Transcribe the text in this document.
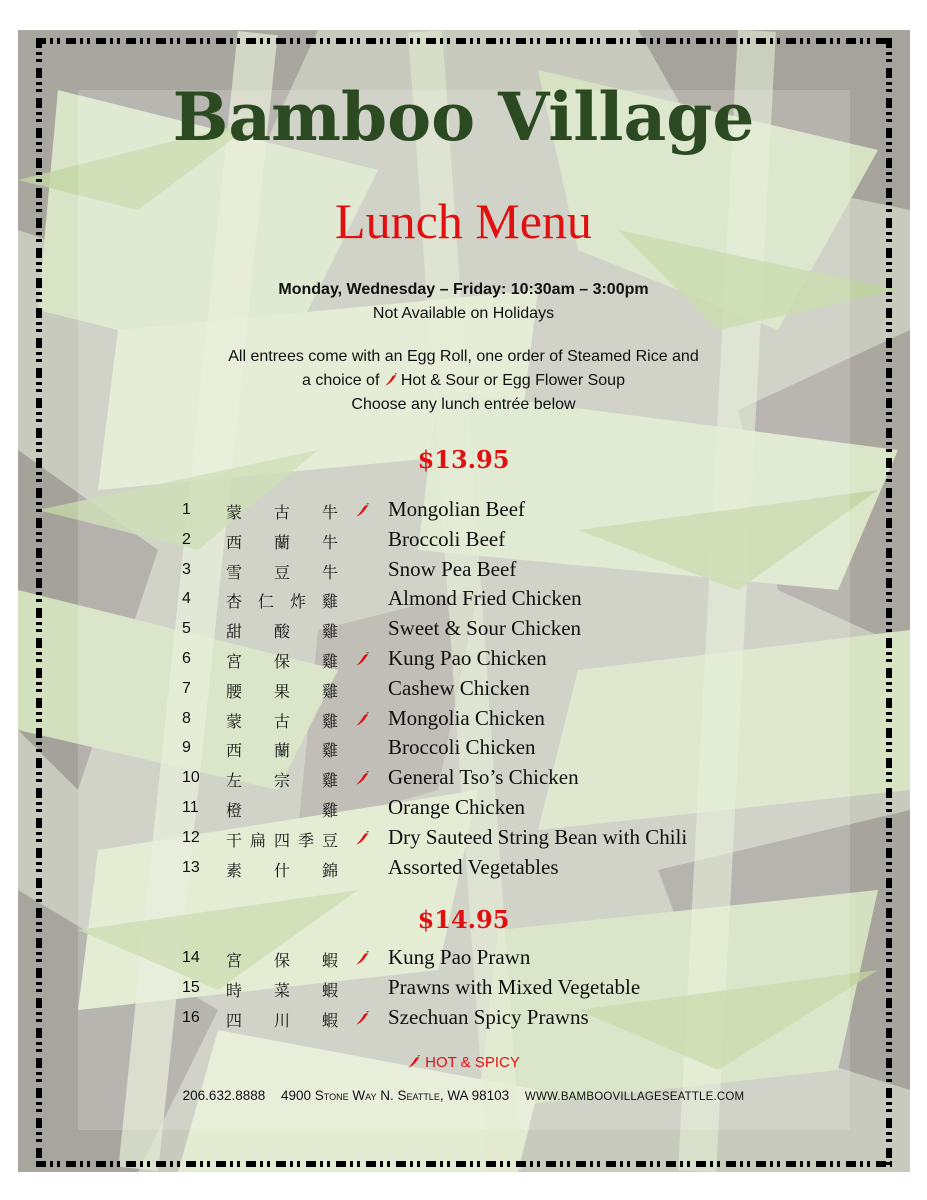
Bamboo Village
Lunch Menu
Monday, Wednesday – Friday: 10:30am – 3:00pm
Not Available on Holidays
All entrees come with an Egg Roll, one order of Steamed Rice and
a choice of Hot & Sour or Egg Flower Soup
Choose any lunch entrée below
$13.95
1 蒙 古 牛 Mongolian Beef
2 西 蘭 牛 Broccoli Beef
3 雪 豆 牛 Snow Pea Beef
4 杏 仁 炸 雞 Almond Fried Chicken
5 甜 酸 雞 Sweet & Sour Chicken
6 宮 保 雞 Kung Pao Chicken
7 腰 果 雞 Cashew Chicken
8 蒙 古 雞 Mongolia Chicken
9 西 蘭 雞 Broccoli Chicken
10 左 宗 雞 General Tso’s Chicken
11 橙	雞 Orange Chicken
12 干 扁 四 季 豆 Dry Sauteed String Bean with Chili
13 素 什 錦 Assorted Vegetables
$14.95
14 宮 保 蝦 Kung Pao Prawn
15 時 菜 蝦 Prawns with Mixed Vegetable
16 四 川 蝦 Szechuan Spicy Prawns
HOT & SPICY
206.632.8888 4900 Stone Way N. Seattle, WA 98103 WWW.BAMBOOVILLAGESEATTLE.COM
